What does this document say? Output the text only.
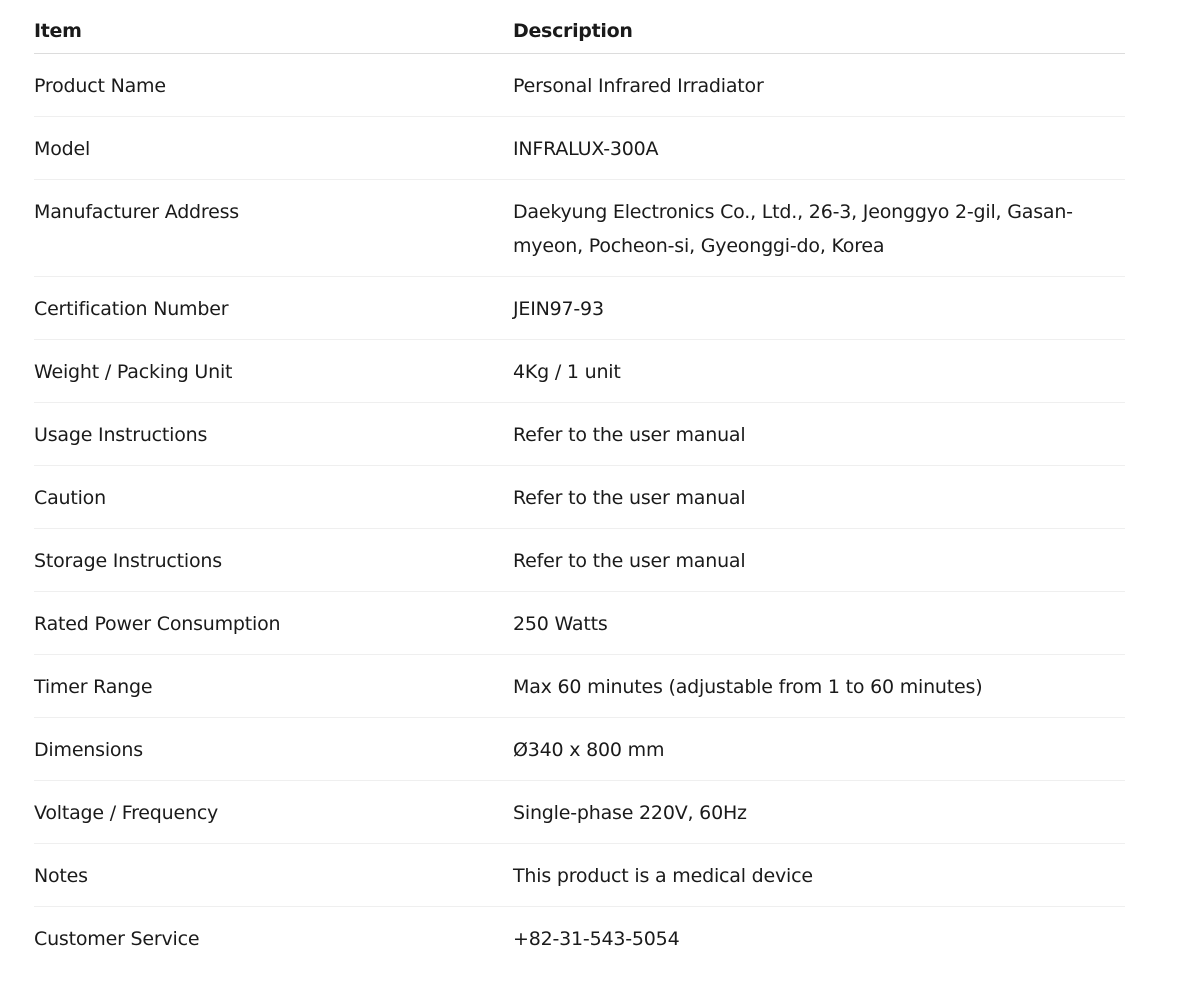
Item	Description
Product Name	Personal Infrared Irradiator
Model	INFRALUX-300A
Manufacturer Address	Daekyung Electronics Co., Ltd., 26-3, Jeonggyo 2-gil, Gasan-myeon, Pocheon-si, Gyeonggi-do, Korea
Certification Number	JEIN97-93
Weight / Packing Unit	4Kg / 1 unit
Usage Instructions	Refer to the user manual
Caution	Refer to the user manual
Storage Instructions	Refer to the user manual
Rated Power Consumption	250 Watts
Timer Range	Max 60 minutes (adjustable from 1 to 60 minutes)
Dimensions	Ø340 x 800 mm
Voltage / Frequency	Single-phase 220V, 60Hz
Notes	This product is a medical device
Customer Service	+82-31-543-5054
